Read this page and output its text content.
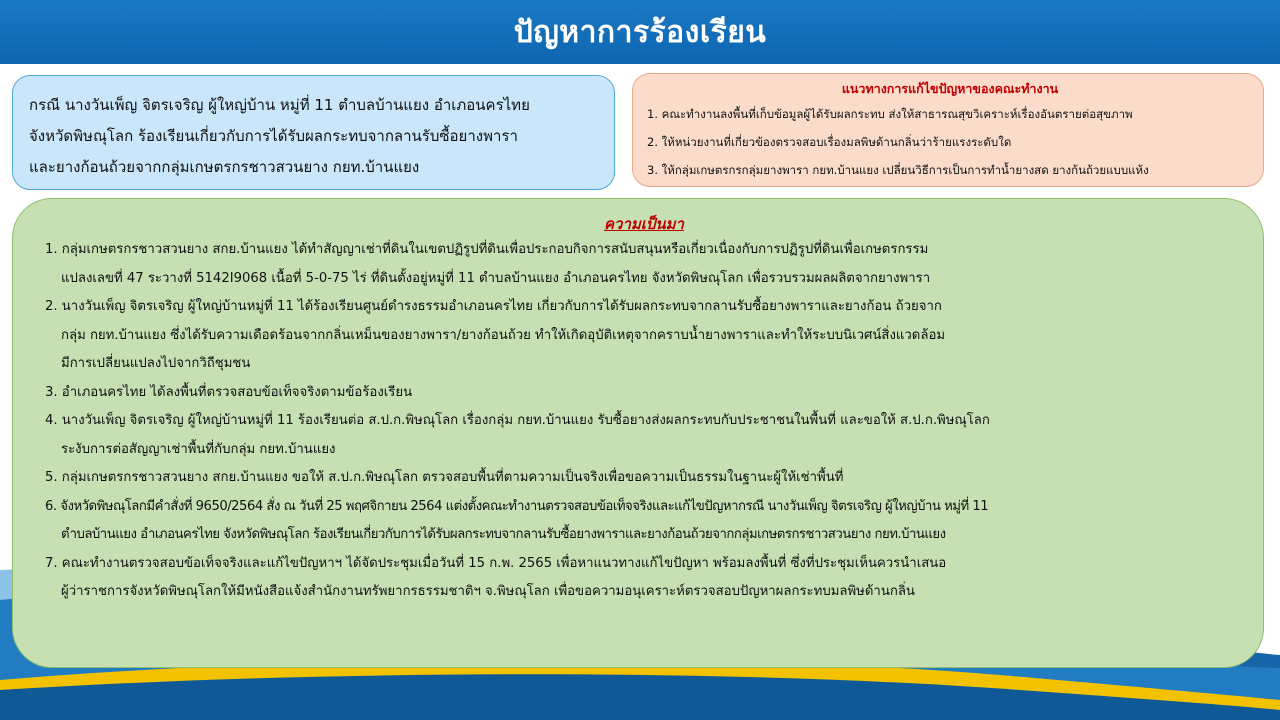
ปัญหาการร้องเรียน

กรณี นางวันเพ็ญ จิตรเจริญ ผู้ใหญ่บ้าน หมู่ที่ 11 ตำบลบ้านแยง อำเภอนครไทย

จังหวัดพิษณุโลก ร้องเรียนเกี่ยวกับการได้รับผลกระทบจากลานรับซื้อยางพารา

และยางก้อนถ้วยจากกลุ่มเกษตรกรชาวสวนยาง กยท.บ้านแยง

แนวทางการแก้ไขปัญหาของคณะทำงาน
1. คณะทำงานลงพื้นที่เก็บข้อมูลผู้ได้รับผลกระทบ ส่งให้สาธารณสุขวิเคราะห์เรื่องอันตรายต่อสุขภาพ
2. ให้หน่วยงานที่เกี่ยวข้องตรวจสอบเรื่องมลพิษด้านกลิ่นว่าร้ายแรงระดับใด
3. ให้กลุ่มเกษตรกรกลุ่มยางพารา กยท.บ้านแยง เปลี่ยนวิธีการเป็นการทำน้ำยางสด ยางก้นถ้วยแบบแห้ง
ความเป็นมา
1. กลุ่มเกษตรกรชาวสวนยาง สกย.บ้านแยง ได้ทำสัญญาเช่าที่ดินในเขตปฏิรูปที่ดินเพื่อประกอบกิจการสนับสนุนหรือเกี่ยวเนื่องกับการปฏิรูปที่ดินเพื่อเกษตรกรรม
แปลงเลขที่ 47 ระวางที่ 5142I9068 เนื้อที่ 5-0-75 ไร่ ที่ดินตั้งอยู่หมู่ที่ 11 ตำบลบ้านแยง อำเภอนครไทย จังหวัดพิษณุโลก เพื่อรวบรวมผลผลิตจากยางพารา
2. นางวันเพ็ญ จิตรเจริญ ผู้ใหญ่บ้านหมู่ที่ 11 ได้ร้องเรียนศูนย์ดำรงธรรมอำเภอนครไทย เกี่ยวกับการได้รับผลกระทบจากลานรับซื้อยางพาราและยางก้อน ถ้วยจาก
กลุ่ม กยท.บ้านแยง ซึ่งได้รับความเดือดร้อนจากกลิ่นเหม็นของยางพารา/ยางก้อนถ้วย ทำให้เกิดอุบัติเหตุจากคราบน้ำยางพาราและทำให้ระบบนิเวศน์สิ่งแวดล้อม
มีการเปลี่ยนแปลงไปจากวิถีชุมชน
3. อำเภอนครไทย ได้ลงพื้นที่ตรวจสอบข้อเท็จจริงตามข้อร้องเรียน
4. นางวันเพ็ญ จิตรเจริญ ผู้ใหญ่บ้านหมู่ที่ 11 ร้องเรียนต่อ ส.ป.ก.พิษณุโลก เรื่องกลุ่ม กยท.บ้านแยง รับซื้อยางส่งผลกระทบกับประชาชนในพื้นที่ และขอให้ ส.ป.ก.พิษณุโลก
ระงับการต่อสัญญาเช่าพื้นที่กับกลุ่ม กยท.บ้านแยง
5. กลุ่มเกษตรกรชาวสวนยาง สกย.บ้านแยง ขอให้ ส.ป.ก.พิษณุโลก ตรวจสอบพื้นที่ตามความเป็นจริงเพื่อขอความเป็นธรรมในฐานะผู้ให้เช่าพื้นที่
6. จังหวัดพิษณุโลกมีคำสั่งที่ 9650/2564 สั่ง ณ วันที่ 25 พฤศจิกายน 2564 แต่งตั้งคณะทำงานตรวจสอบข้อเท็จจริงและแก้ไขปัญหากรณี นางวันเพ็ญ จิตรเจริญ ผู้ใหญ่บ้าน หมู่ที่ 11
ตำบลบ้านแยง อำเภอนครไทย จังหวัดพิษณุโลก ร้องเรียนเกี่ยวกับการได้รับผลกระทบจากลานรับซื้อยางพาราและยางก้อนถ้วยจากกลุ่มเกษตรกรชาวสวนยาง กยท.บ้านแยง
7. คณะทำงานตรวจสอบข้อเท็จจริงและแก้ไขปัญหาฯ ได้จัดประชุมเมื่อวันที่ 15 ก.พ. 2565 เพื่อหาแนวทางแก้ไขปัญหา พร้อมลงพื้นที่ ซึ่งที่ประชุมเห็นควรนำเสนอ
ผู้ว่าราชการจังหวัดพิษณุโลกให้มีหนังสือแจ้งสำนักงานทรัพยากรธรรมชาติฯ จ.พิษณุโลก เพื่อขอความอนุเคราะห์ตรวจสอบปัญหาผลกระทบมลพิษด้านกลิ่น
